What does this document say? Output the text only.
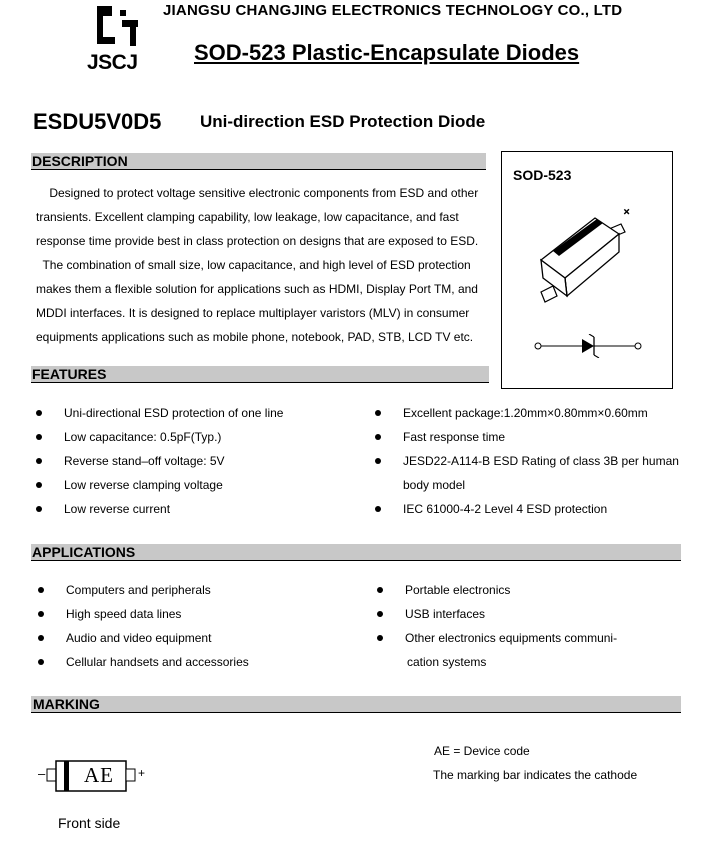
JSCJ
JIANGSU CHANGJING ELECTRONICS TECHNOLOGY CO., LTD
SOD-523 Plastic-Encapsulate Diodes
ESDU5V0D5 Uni-direction ESD Protection Diode
DESCRIPTION

Designed to protect voltage sensitive electronic components from ESD and other

transients. Excellent clamping capability, low leakage, low capacitance, and fast

response time provide best in class protection on designs that are exposed to ESD.

The combination of small size, low capacitance, and high level of ESD protection

makes them a flexible solution for applications such as HDMI, Display Port TM, and

MDDI interfaces. It is designed to replace multiplayer varistors (MLV) in consumer

equipments applications such as mobile phone, notebook, PAD, STB, LCD TV etc.

SOD-523
+
FEATURES
Uni-directional ESD protection of one line
Low capacitance: 0.5pF(Typ.)
Reverse stand–off voltage: 5V
Low reverse clamping voltage
Low reverse current
Excellent package:1.20mm×0.80mm×0.60mm
Fast response time
JESD22-A114-B ESD Rating of class 3B per human
body model
IEC 61000-4-2 Level 4 ESD protection
APPLICATIONS
Computers and peripherals
High speed data lines
Audio and video equipment
Cellular handsets and accessories
Portable electronics
USB interfaces
Other electronics equipments communi-
cation systems
MARKING
– AE +
Front side
AE = Device code
The marking bar indicates the cathode
